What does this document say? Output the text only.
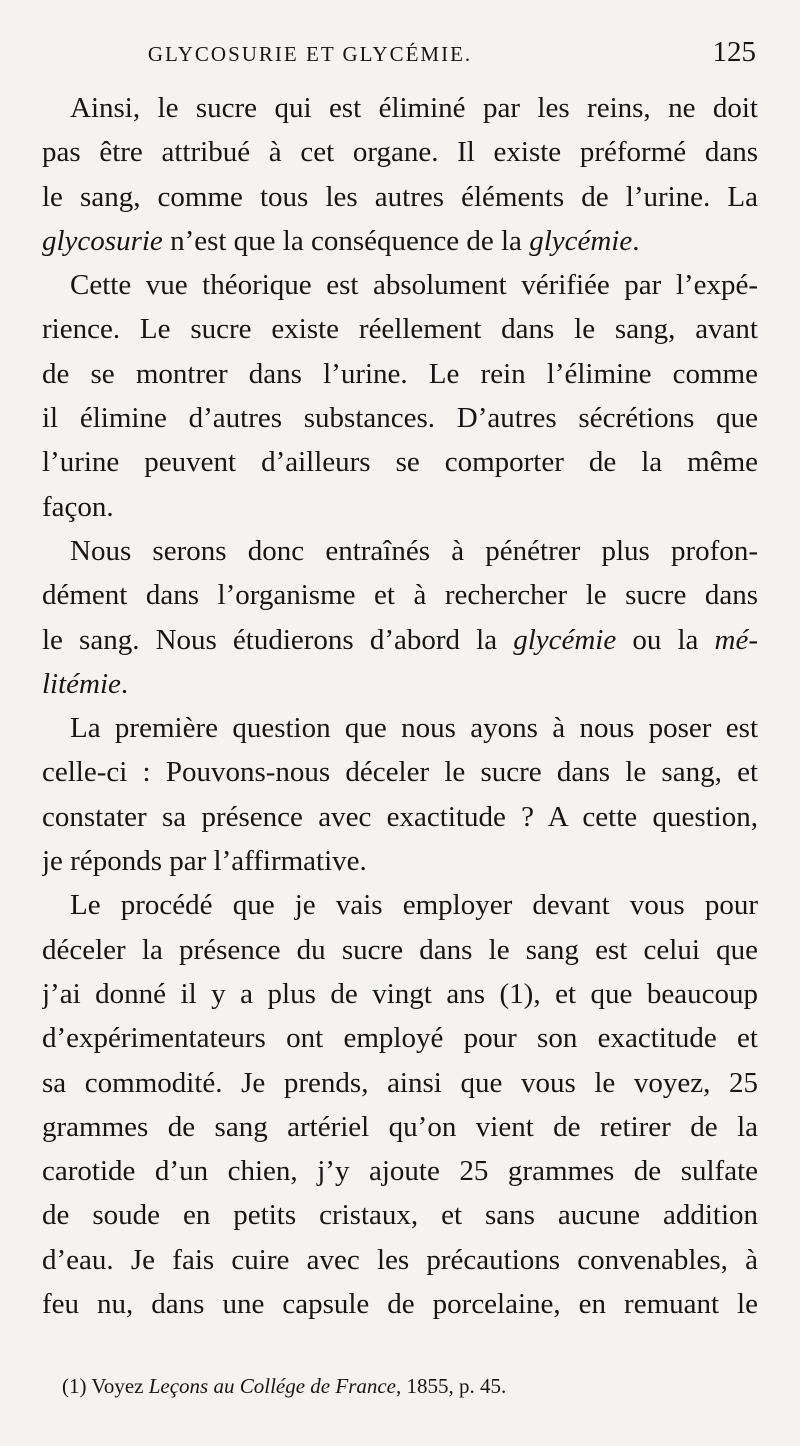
GLYCOSURIE ET GLYCÉMIE.	125
Ainsi, le sucre qui est éliminé par les reins, ne doit
pas être attribué à cet organe. Il existe préformé dans
le sang, comme tous les autres éléments de l’urine. La
glycosurie n’est que la conséquence de la glycémie.
Cette vue théorique est absolument vérifiée par l’expé-
rience. Le sucre existe réellement dans le sang, avant
de se montrer dans l’urine. Le rein l’élimine comme
il élimine d’autres substances. D’autres sécrétions que
l’urine peuvent d’ailleurs se comporter de la même
façon.
Nous serons donc entraînés à pénétrer plus profon-
dément dans l’organisme et à rechercher le sucre dans
le sang. Nous étudierons d’abord la glycémie ou la mé-
litémie.
La première question que nous ayons à nous poser est
celle-ci : Pouvons-nous déceler le sucre dans le sang, et
constater sa présence avec exactitude ? A cette question,
je réponds par l’affirmative.
Le procédé que je vais employer devant vous pour
déceler la présence du sucre dans le sang est celui que
j’ai donné il y a plus de vingt ans (1), et que beaucoup
d’expérimentateurs ont employé pour son exactitude et
sa commodité. Je prends, ainsi que vous le voyez, 25
grammes de sang artériel qu’on vient de retirer de la
carotide d’un chien, j’y ajoute 25 grammes de sulfate
de soude en petits cristaux, et sans aucune addition
d’eau. Je fais cuire avec les précautions convenables, à
feu nu, dans une capsule de porcelaine, en remuant le
(1) Voyez Leçons au Collége de France, 1855, p. 45.
